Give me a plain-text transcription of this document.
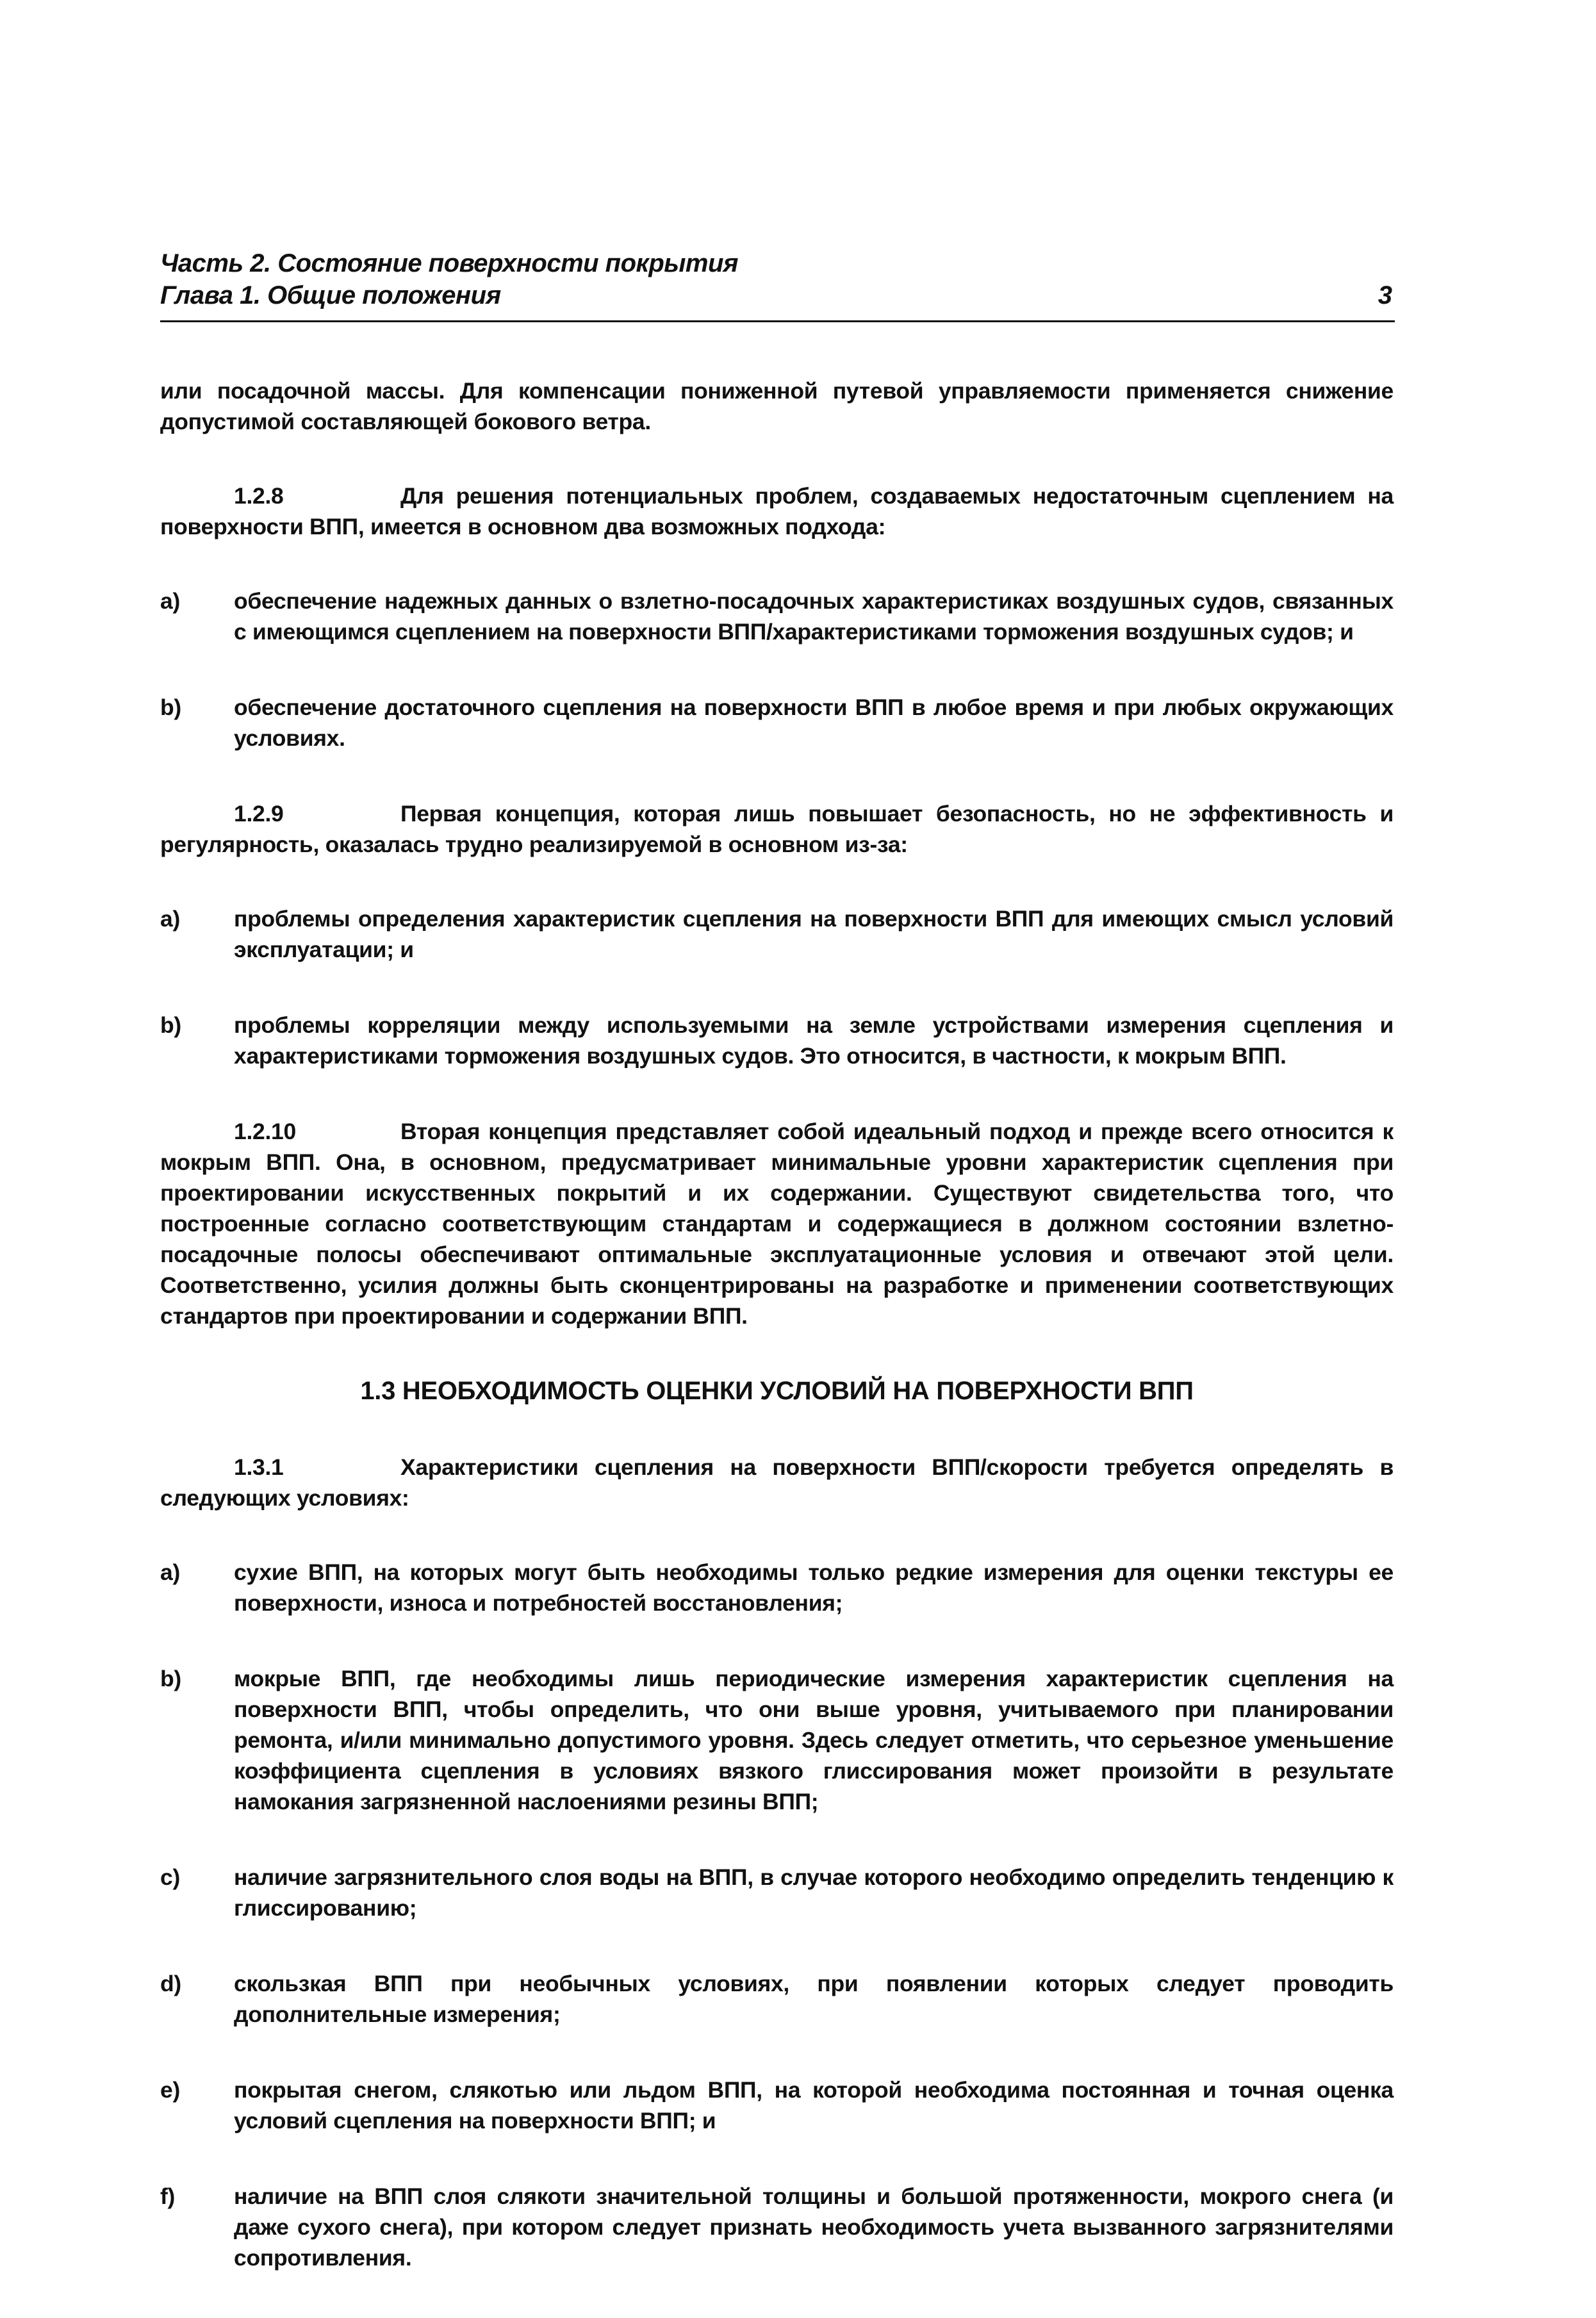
Часть 2. Состояние поверхности покрытия
Глава 1. Общие положения	3

или посадочной массы. Для компенсации пониженной путевой управляемости применяется снижение допустимой составляющей бокового ветра.

1.2.8	Для решения потенциальных проблем, создаваемых недостаточным сцеплением на поверхности ВПП, имеется в основном два возможных подхода:

a)	обеспечение надежных данных о взлетно-посадочных характеристиках воздушных судов, связанных с имеющимся сцеплением на поверхности ВПП/характеристиками торможения воздушных судов; и
b)	обеспечение достаточного сцепления на поверхности ВПП в любое время и при любых окружающих условиях.

1.2.9	Первая концепция, которая лишь повышает безопасность, но не эффективность и регулярность, оказалась трудно реализируемой в основном из-за:

a)	проблемы определения характеристик сцепления на поверхности ВПП для имеющих смысл условий эксплуатации; и
b)	проблемы корреляции между используемыми на земле устройствами измерения сцепления и характеристиками торможения воздушных судов. Это относится, в частности, к мокрым ВПП.

1.2.10	Вторая концепция представляет собой идеальный подход и прежде всего относится к мокрым ВПП. Она, в основном, предусматривает минимальные уровни характеристик сцепления при проектировании искусственных покрытий и их содержании. Существуют свидетельства того, что построенные согласно соответствующим стандартам и содержащиеся в должном состоянии взлетно-посадочные полосы обеспечивают оптимальные эксплуатационные условия и отвечают этой цели. Соответственно, усилия должны быть сконцентрированы на разработке и применении соответствующих стандартов при проектировании и содержании ВПП.

1.3 НЕОБХОДИМОСТЬ ОЦЕНКИ УСЛОВИЙ НА ПОВЕРХНОСТИ ВПП

1.3.1	Характеристики сцепления на поверхности ВПП/скорости требуется определять в следующих условиях:

a)	сухие ВПП, на которых могут быть необходимы только редкие измерения для оценки текстуры ее поверхности, износа и потребностей восстановления;
b)	мокрые ВПП, где необходимы лишь периодические измерения характеристик сцепления на поверхности ВПП, чтобы определить, что они выше уровня, учитываемого при планировании ремонта, и/или минимально допустимого уровня. Здесь следует отметить, что серьезное уменьшение коэффициента сцепления в условиях вязкого глиссирования может произойти в результате намокания загрязненной наслоениями резины ВПП;
c)	наличие загрязнительного слоя воды на ВПП, в случае которого необходимо определить тенденцию к глиссированию;
d)	скользкая ВПП при необычных условиях, при появлении которых следует проводить дополнительные измерения;
e)	покрытая снегом, слякотью или льдом ВПП, на которой необходима постоянная и точная оценка условий сцепления на поверхности ВПП; и
f)	наличие на ВПП слоя слякоти значительной толщины и большой протяженности, мокрого снега (и даже сухого снега), при котором следует признать необходимость учета вызванного загрязнителями сопротивления.
